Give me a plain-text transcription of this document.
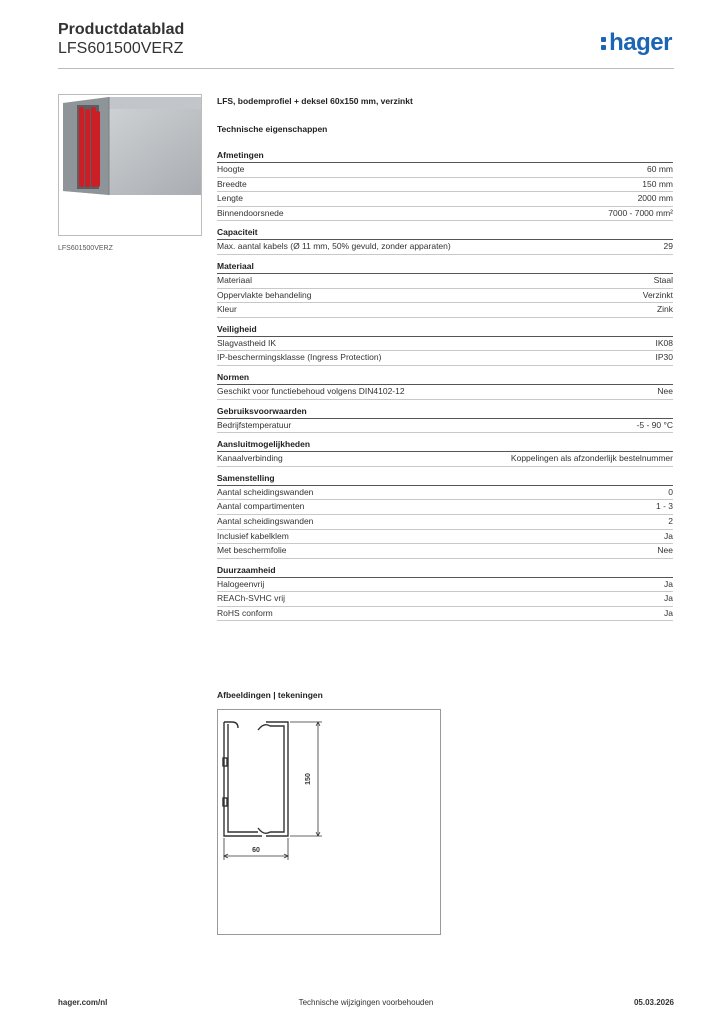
Productdatablad
LFS601500VERZ	hager
LFS601500VERZ
LFS, bodemprofiel + deksel 60x150 mm, verzinkt
Technische eigenschappen
Afmetingen
Hoogte	60 mm
Breedte	150 mm
Lengte	2000 mm
Binnendoorsnede	7000 - 7000 mm²
Capaciteit
Max. aantal kabels (Ø 11 mm, 50% gevuld, zonder apparaten)	29
Materiaal
Materiaal	Staal
Oppervlakte behandeling	Verzinkt
Kleur	Zink
Veiligheid
Slagvastheid IK	IK08
IP-beschermingsklasse (Ingress Protection)	IP30
Normen
Geschikt voor functiebehoud volgens DIN4102-12	Nee
Gebruiksvoorwaarden
Bedrijfstemperatuur	-5 - 90 °C
Aansluitmogelijkheden
Kanaalverbinding	Koppelingen als afzonderlijk bestelnummer
Samenstelling
Aantal scheidingswanden	0
Aantal compartimenten	1 - 3
Aantal scheidingswanden	2
Inclusief kabelklem	Ja
Met beschermfolie	Nee
Duurzaamheid
Halogeenvrij	Ja
REACh-SVHC vrij	Ja
RoHS conform	Ja
Afbeeldingen | tekeningen
150
60
hager.com/nl	Technische wijzigingen voorbehouden	05.03.2026
